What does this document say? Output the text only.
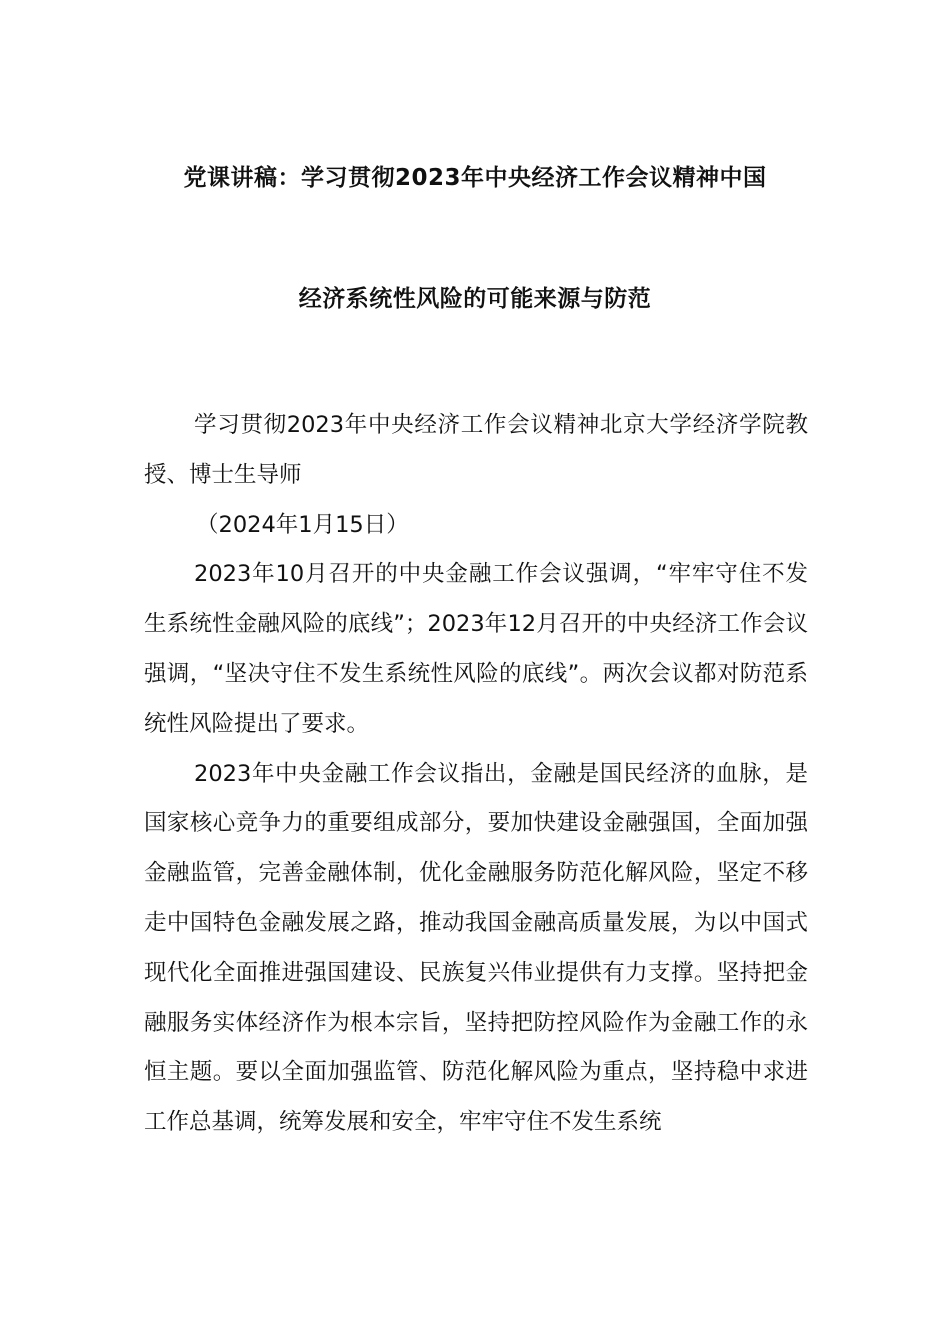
党课讲稿：学习贯彻2023年中央经济工作会议精神中国
经济系统性风险的可能来源与防范

学习贯彻2023年中央经济工作会议精神北京大学经济学院教授、博士生导师

（2024年1月15日）

2023年10月召开的中央金融工作会议强调，“牢牢守住不发生系统性金融风险的底线”；2023年12月召开的中央经济工作会议强调，“坚决守住不发生系统性风险的底线”。两次会议都对防范系统性风险提出了要求。

2023年中央金融工作会议指出，金融是国民经济的血脉，是国家核心竞争力的重要组成部分，要加快建设金融强国，全面加强金融监管，完善金融体制，优化金融服务防范化解风险，坚定不移走中国特色金融发展之路，推动我国金融高质量发展，为以中国式现代化全面推进强国建设、民族复兴伟业提供有力支撑。坚持把金融服务实体经济作为根本宗旨，坚持把防控风险作为金融工作的永恒主题。要以全面加强监管、防范化解风险为重点，坚持稳中求进工作总基调，统筹发展和安全，牢牢守住不发生系统
